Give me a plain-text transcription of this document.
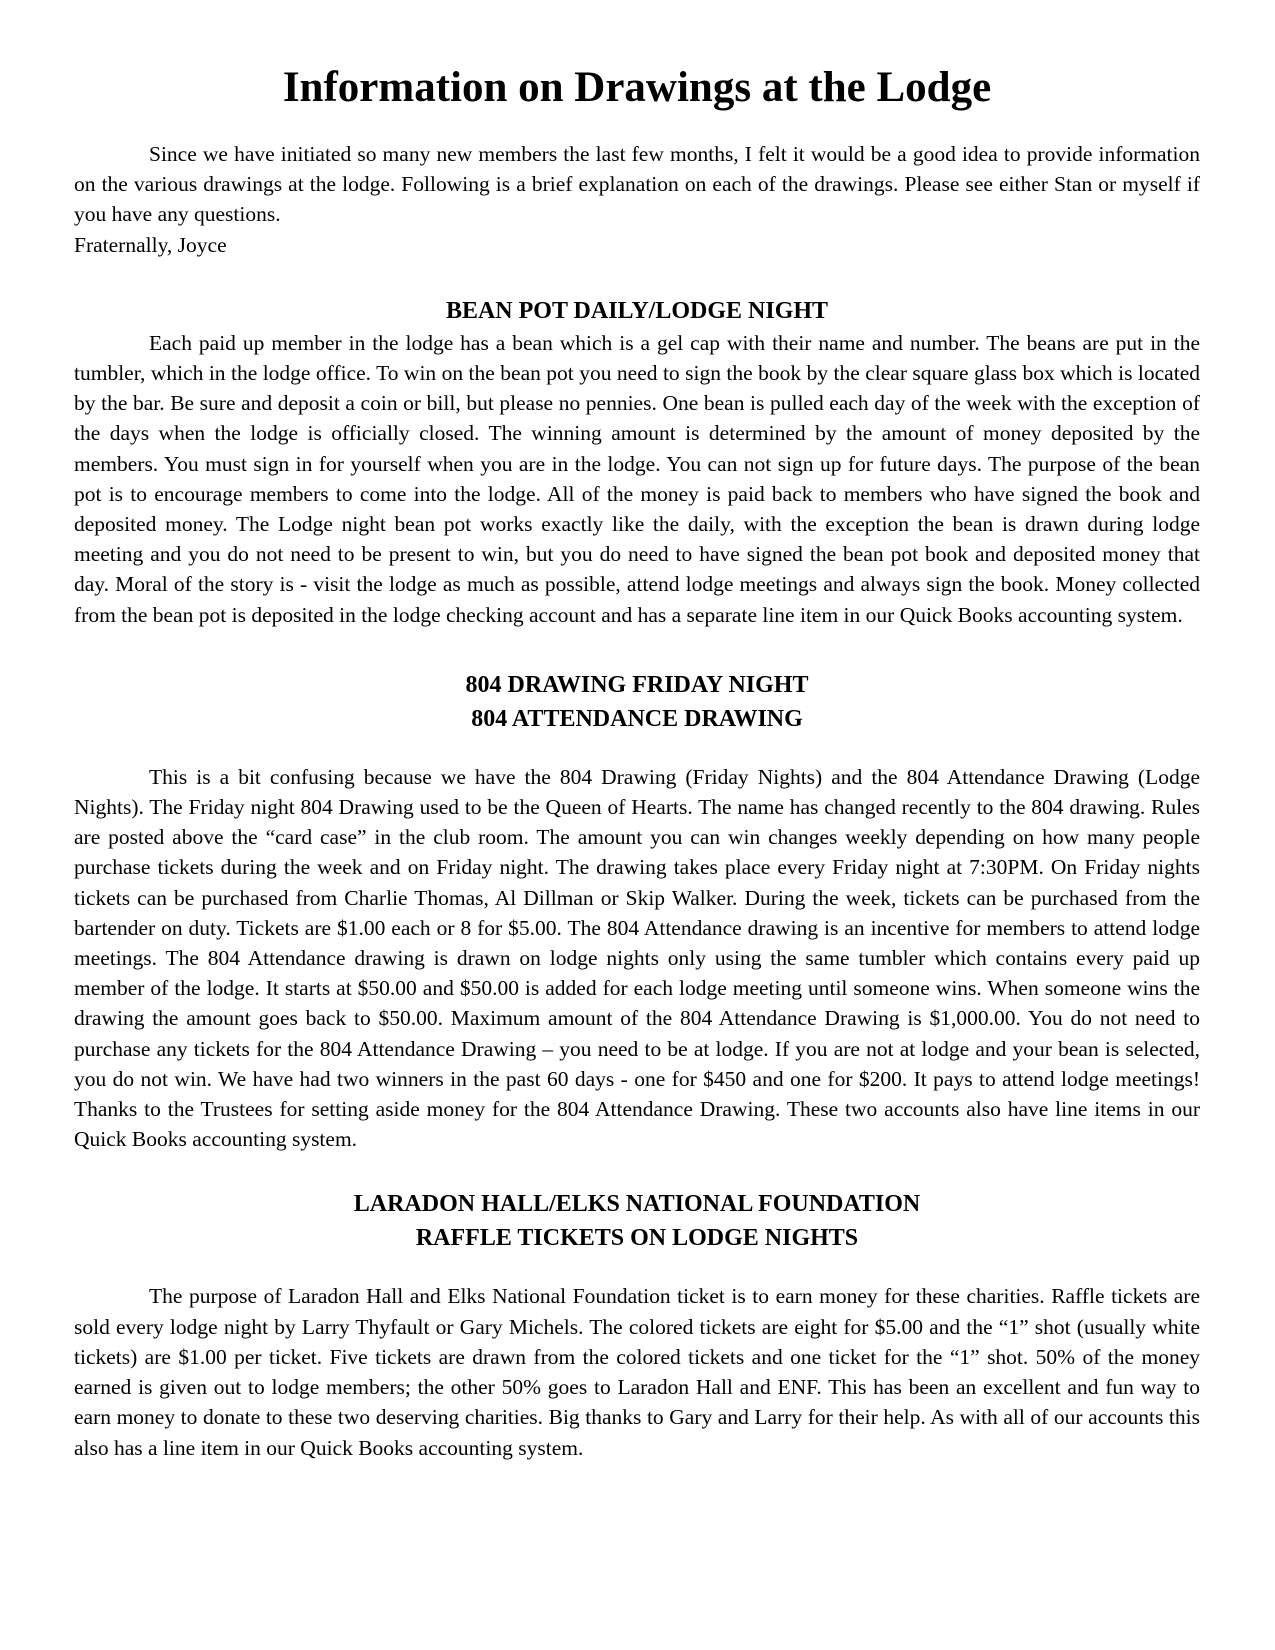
Information on Drawings at the Lodge

Since we have initiated so many new members the last few months, I felt it would be a good idea to provide information on the various drawings at the lodge. Following is a brief explanation on each of the drawings. Please see either Stan or myself if you have any questions.

Fraternally, Joyce

BEAN POT DAILY/LODGE NIGHT

Each paid up member in the lodge has a bean which is a gel cap with their name and number. The beans are put in the tumbler, which in the lodge office. To win on the bean pot you need to sign the book by the clear square glass box which is located by the bar. Be sure and deposit a coin or bill, but please no pennies. One bean is pulled each day of the week with the exception of the days when the lodge is officially closed. The winning amount is determined by the amount of money deposited by the members. You must sign in for yourself when you are in the lodge. You can not sign up for future days. The purpose of the bean pot is to encourage members to come into the lodge. All of the money is paid back to members who have signed the book and deposited money. The Lodge night bean pot works exactly like the daily, with the exception the bean is drawn during lodge meeting and you do not need to be present to win, but you do need to have signed the bean pot book and deposited money that day. Moral of the story is - visit the lodge as much as possible, attend lodge meetings and always sign the book. Money collected from the bean pot is deposited in the lodge checking account and has a separate line item in our Quick Books accounting system.

804 DRAWING FRIDAY NIGHT
804 ATTENDANCE DRAWING

This is a bit confusing because we have the 804 Drawing (Friday Nights) and the 804 Attendance Drawing (Lodge Nights). The Friday night 804 Drawing used to be the Queen of Hearts. The name has changed recently to the 804 drawing. Rules are posted above the “card case” in the club room. The amount you can win changes weekly depending on how many people purchase tickets during the week and on Friday night. The drawing takes place every Friday night at 7:30PM. On Friday nights tickets can be purchased from Charlie Thomas, Al Dillman or Skip Walker. During the week, tickets can be purchased from the bartender on duty. Tickets are $1.00 each or 8 for $5.00. The 804 Attendance drawing is an incentive for members to attend lodge meetings. The 804 Attendance drawing is drawn on lodge nights only using the same tumbler which contains every paid up member of the lodge. It starts at $50.00 and $50.00 is added for each lodge meeting until someone wins. When someone wins the drawing the amount goes back to $50.00. Maximum amount of the 804 Attendance Drawing is $1,000.00. You do not need to purchase any tickets for the 804 Attendance Drawing – you need to be at lodge. If you are not at lodge and your bean is selected, you do not win. We have had two winners in the past 60 days - one for $450 and one for $200. It pays to attend lodge meetings! Thanks to the Trustees for setting aside money for the 804 Attendance Drawing. These two accounts also have line items in our Quick Books accounting system.

LARADON HALL/ELKS NATIONAL FOUNDATION
RAFFLE TICKETS ON LODGE NIGHTS

The purpose of Laradon Hall and Elks National Foundation ticket is to earn money for these charities. Raffle tickets are sold every lodge night by Larry Thyfault or Gary Michels. The colored tickets are eight for $5.00 and the “1” shot (usually white tickets) are $1.00 per ticket. Five tickets are drawn from the colored tickets and one ticket for the “1” shot. 50% of the money earned is given out to lodge members; the other 50% goes to Laradon Hall and ENF. This has been an excellent and fun way to earn money to donate to these two deserving charities. Big thanks to Gary and Larry for their help. As with all of our accounts this also has a line item in our Quick Books accounting system.
